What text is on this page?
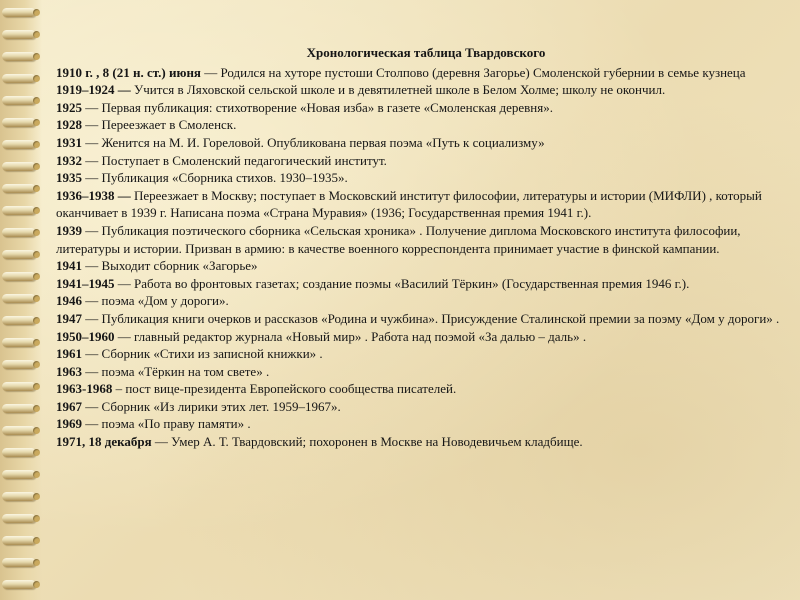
Хронологическая таблица Твардовского

1910 г. , 8 (21 н. ст.) июня — Родился на хуторе пустоши Столпово (деревня Загорье) Смоленской губернии в семье кузнеца

1919–1924 — Учится в Ляховской сельской школе и в девятилетней школе в Белом Холме; школу не окончил.

1925 — Первая публикация: стихотворение «Новая изба» в газете «Смоленская деревня».

1928 — Переезжает в Смоленск.

1931 — Женится на М. И. Гореловой. Опубликована первая поэма «Путь к социализму»

1932 — Поступает в Смоленский педагогический институт.

1935 — Публикация «Сборника стихов. 1930–1935».

1936–1938 — Переезжает в Москву; поступает в Московский институт философии, литературы и истории (МИФЛИ) , который оканчивает в 1939 г. Написана поэма «Страна Муравия» (1936; Государственная премия 1941 г.).

1939 — Публикация поэтического сборника «Сельская хроника» . Получение диплома Московского института философии, литературы и истории. Призван в армию: в качестве военного корреспондента принимает участие в финской кампании.

1941 — Выходит сборник «Загорье»

1941–1945 — Работа во фронтовых газетах; создание поэмы «Василий Тёркин» (Государственная премия 1946 г.).

1946 — поэма «Дом у дороги».

1947 — Публикация книги очерков и рассказов «Родина и чужбина». Присуждение Сталинской премии за поэму «Дом у дороги» .

1950–1960 — главный редактор журнала «Новый мир» . Работа над поэмой «За далью – даль» .

1961 — Сборник «Стихи из записной книжки» .

1963 — поэма «Тёркин на том свете» .

1963-1968 – пост вице-президента Европейского сообщества писателей.

1967 — Сборник «Из лирики этих лет. 1959–1967».

1969 — поэма «По праву памяти» .

1971, 18 декабря — Умер А. Т. Твардовский; похоронен в Москве на Новодевичьем кладбище.
